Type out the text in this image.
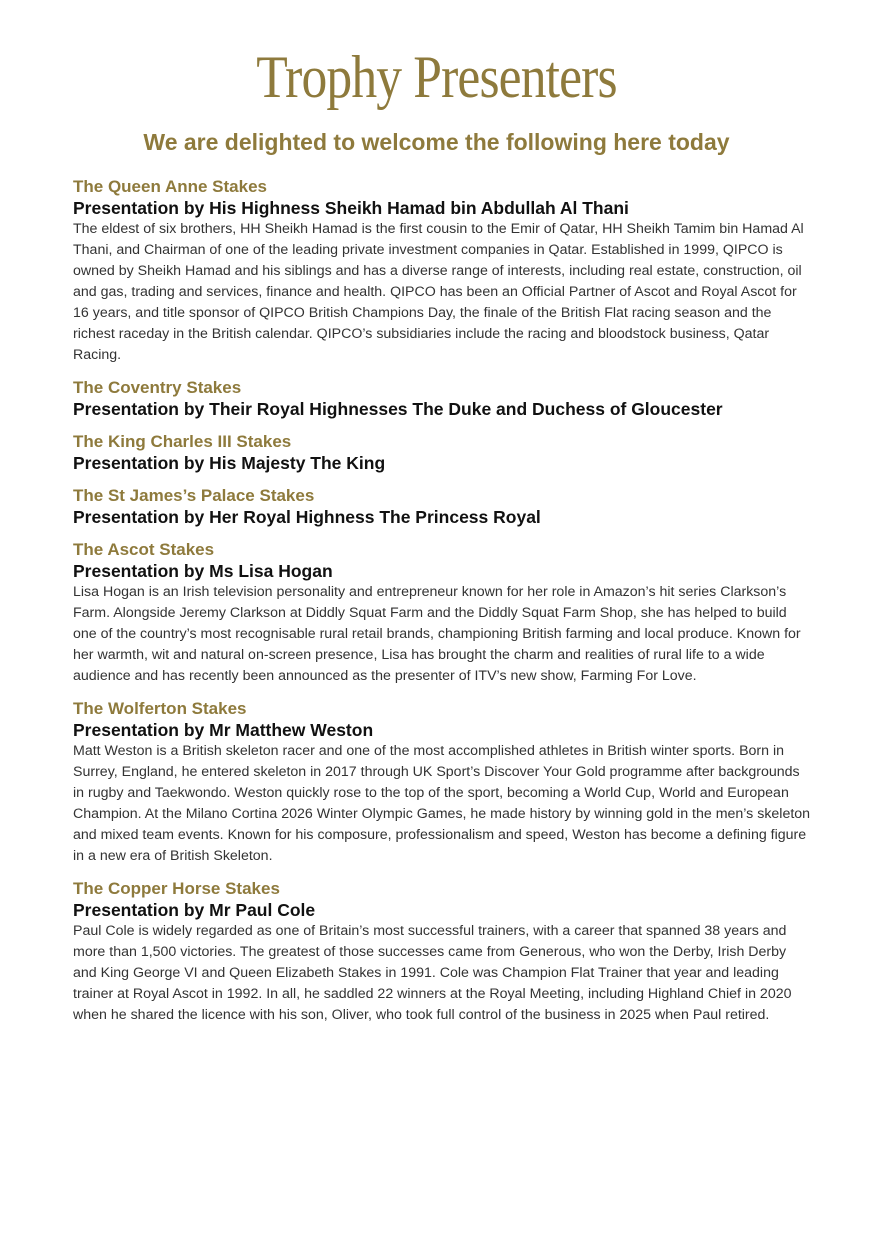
Trophy Presenters
We are delighted to welcome the following here today
The Queen Anne Stakes
Presentation by His Highness Sheikh Hamad bin Abdullah Al Thani
The eldest of six brothers, HH Sheikh Hamad is the first cousin to the Emir of Qatar, HH Sheikh Tamim bin Hamad Al Thani, and Chairman of one of the leading private investment companies in Qatar. Established in 1999, QIPCO is owned by Sheikh Hamad and his siblings and has a diverse range of interests, including real estate, construction, oil and gas, trading and services, finance and health. QIPCO has been an Official Partner of Ascot and Royal Ascot for 16 years, and title sponsor of QIPCO British Champions Day, the finale of the British Flat racing season and the richest raceday in the British calendar. QIPCO’s subsidiaries include the racing and bloodstock business, Qatar Racing.
The Coventry Stakes
Presentation by Their Royal Highnesses The Duke and Duchess of Gloucester
The King Charles III Stakes
Presentation by His Majesty The King
The St James’s Palace Stakes
Presentation by Her Royal Highness The Princess Royal
The Ascot Stakes
Presentation by Ms Lisa Hogan
Lisa Hogan is an Irish television personality and entrepreneur known for her role in Amazon’s hit series Clarkson’s Farm. Alongside Jeremy Clarkson at Diddly Squat Farm and the Diddly Squat Farm Shop, she has helped to build one of the country’s most recognisable rural retail brands, championing British farming and local produce. Known for her warmth, wit and natural on-screen presence, Lisa has brought the charm and realities of rural life to a wide audience and has recently been announced as the presenter of ITV’s new show, Farming For Love.
The Wolferton Stakes
Presentation by Mr Matthew Weston
Matt Weston is a British skeleton racer and one of the most accomplished athletes in British winter sports. Born in Surrey, England, he entered skeleton in 2017 through UK Sport’s Discover Your Gold programme after backgrounds in rugby and Taekwondo. Weston quickly rose to the top of the sport, becoming a World Cup, World and European Champion. At the Milano Cortina 2026 Winter Olympic Games, he made history by winning gold in the men’s skeleton and mixed team events. Known for his composure, professionalism and speed, Weston has become a defining figure in a new era of British Skeleton.
The Copper Horse Stakes
Presentation by Mr Paul Cole
Paul Cole is widely regarded as one of Britain’s most successful trainers, with a career that spanned 38 years and more than 1,500 victories. The greatest of those successes came from Generous, who won the Derby, Irish Derby and King George VI and Queen Elizabeth Stakes in 1991. Cole was Champion Flat Trainer that year and leading trainer at Royal Ascot in 1992. In all, he saddled 22 winners at the Royal Meeting, including Highland Chief in 2020 when he shared the licence with his son, Oliver, who took full control of the business in 2025 when Paul retired.
